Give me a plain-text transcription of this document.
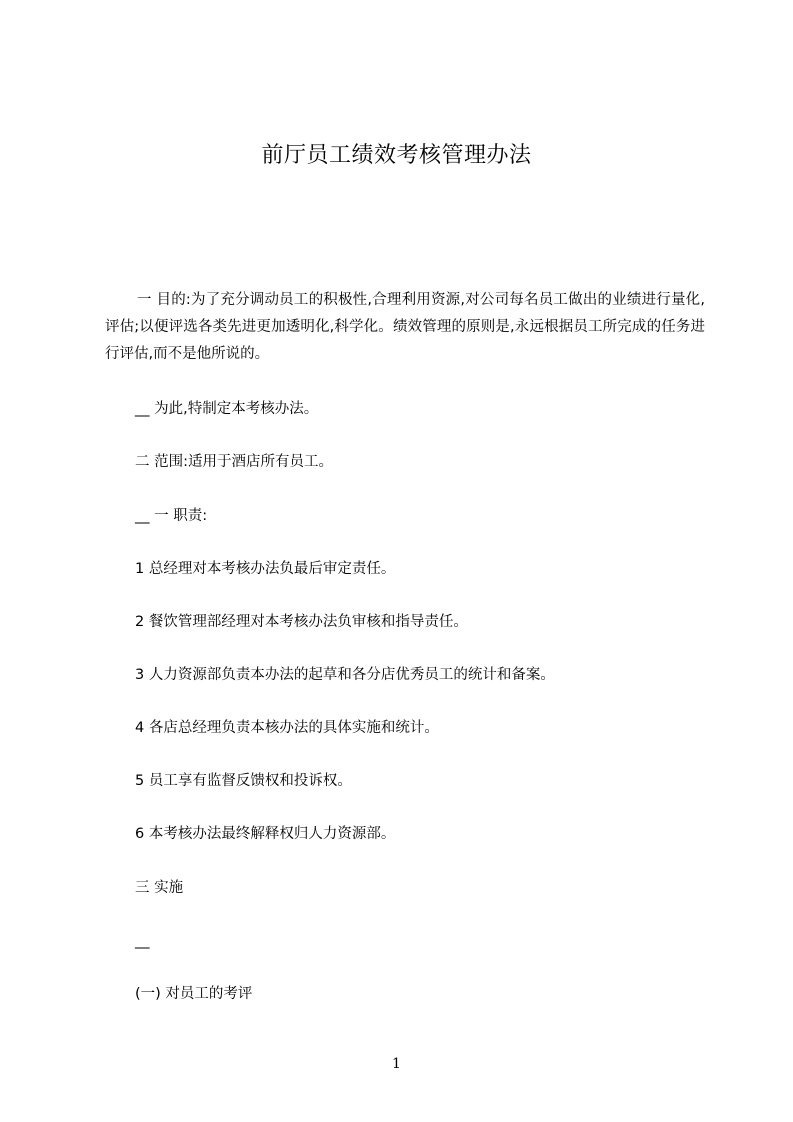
前厅员工绩效考核管理办法
一 目的:为了充分调动员工的积极性,合理利用资源,对公司每名员工做出的业绩进行量化,评估;以便评选各类先进更加透明化,科学化。绩效管理的原则是,永远根据员工所完成的任务进行评估,而不是他所说的。
__ 为此,特制定本考核办法。
二 范围:适用于酒店所有员工。
__ 一 职责:
1 总经理对本考核办法负最后审定责任。
2 餐饮管理部经理对本考核办法负审核和指导责任。
3 人力资源部负责本办法的起草和各分店优秀员工的统计和备案。
4 各店总经理负责本核办法的具体实施和统计。
5 员工享有监督反馈权和投诉权。
6 本考核办法最终解释权归人力资源部。
三 实施
__
(一) 对员工的考评
1
